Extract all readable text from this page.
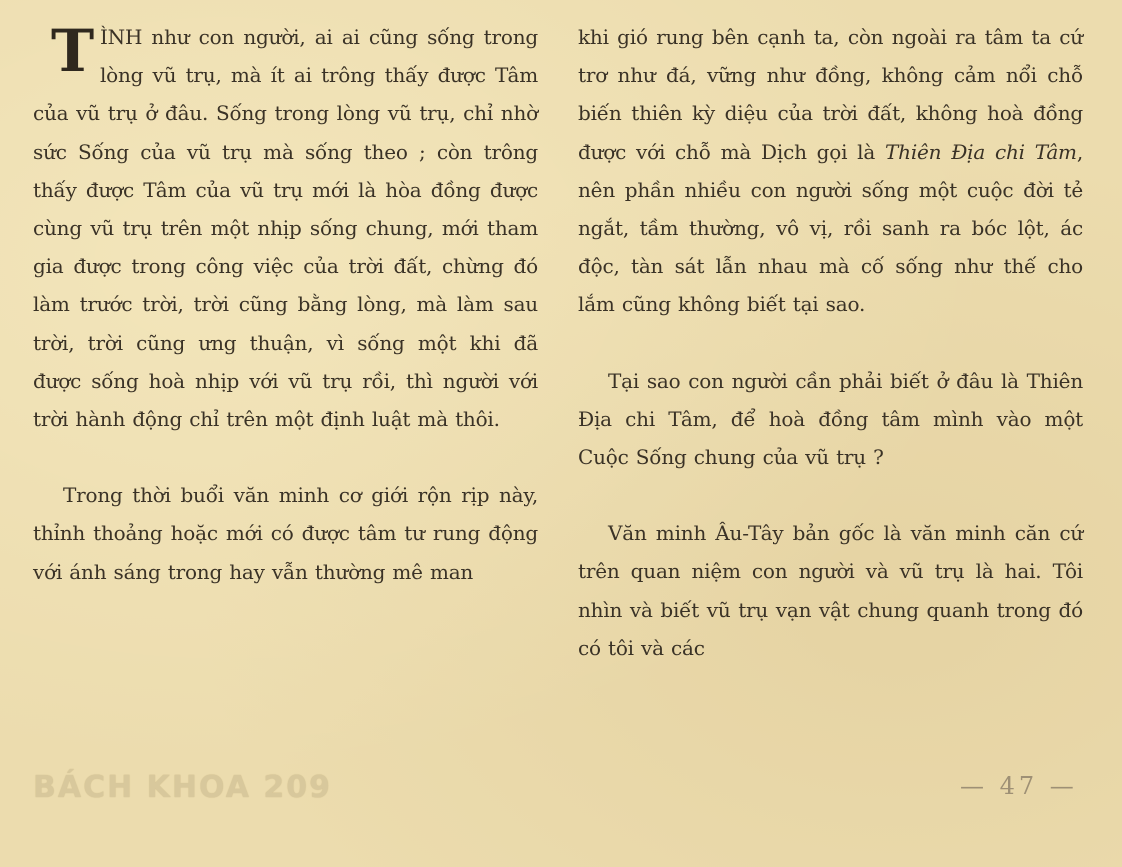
TÌNH như con người, ai ai cũng sống trong lòng vũ trụ, mà ít ai trông thấy được Tâm của vũ trụ ở đâu. Sống trong lòng vũ trụ, chỉ nhờ sức Sống của vũ trụ mà sống theo ; còn trông thấy được Tâm của vũ trụ mới là hòa đồng được cùng vũ trụ trên một nhịp sống chung, mới tham gia được trong công việc của trời đất, chừng đó làm trước trời, trời cũng bằng lòng, mà làm sau trời, trời cũng ưng thuận, vì sống một khi đã được sống hoà nhịp với vũ trụ rồi, thì người với trời hành động chỉ trên một định luật mà thôi.

Trong thời buổi văn minh cơ giới rộn rịp này, thỉnh thoảng hoặc mới có được tâm tư rung động với ánh sáng trong hay vẫn thường mê man

khi gió rung bên cạnh ta, còn ngoài ra tâm ta cứ trơ như đá, vững như đồng, không cảm nổi chỗ biến thiên kỳ diệu của trời đất, không hoà đồng được với chỗ mà Dịch gọi là Thiên Địa chi Tâm, nên phần nhiều con người sống một cuộc đời tẻ ngắt, tầm thường, vô vị, rồi sanh ra bóc lột, ác độc, tàn sát lẫn nhau mà cố sống như thế cho lắm cũng không biết tại sao.

Tại sao con người cần phải biết ở đâu là Thiên Địa chi Tâm, để hoà đồng tâm mình vào một Cuộc Sống chung của vũ trụ ?

Văn minh Âu-Tây bản gốc là văn minh căn cứ trên quan niệm con người và vũ trụ là hai. Tôi nhìn và biết vũ trụ vạn vật chung quanh trong đó có tôi và các

BÁCH KHOA 209	— 47 —
